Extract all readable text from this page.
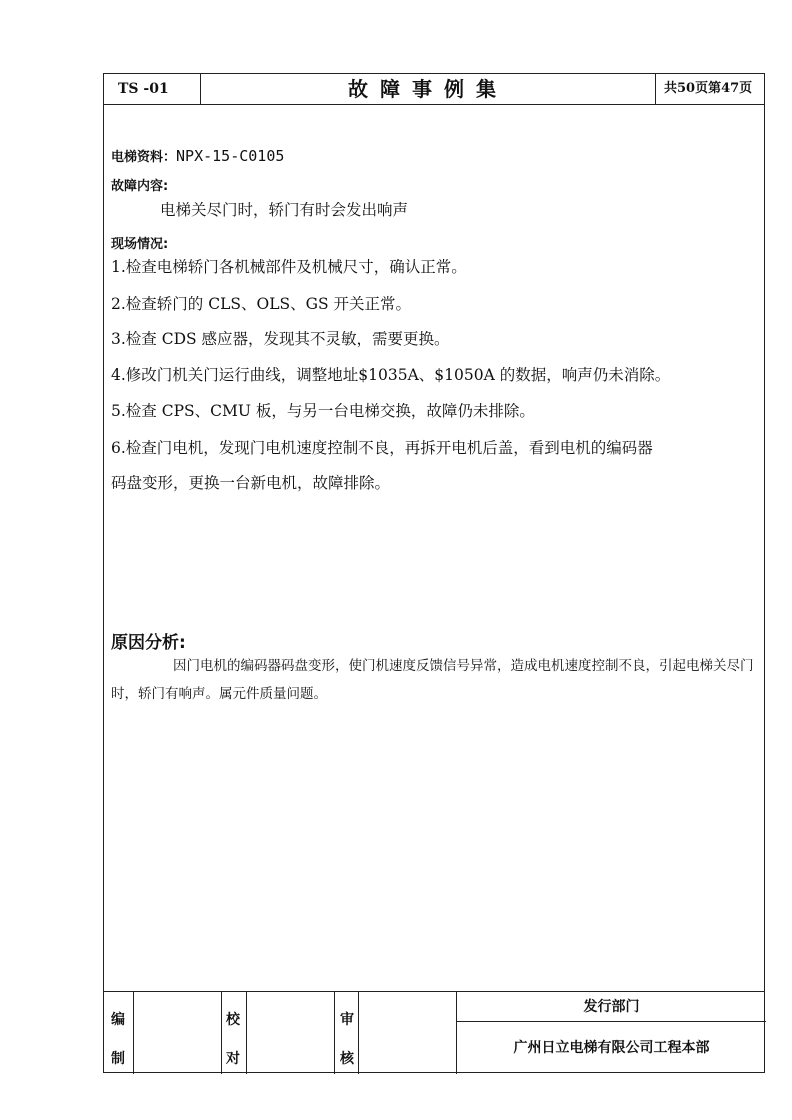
TS -01	故障事例集	共50页第47页
电梯资料：NPX-15-C0105
故障内容:
电梯关尽门时，轿门有时会发出响声
现场情况:
1.检查电梯轿门各机械部件及机械尺寸，确认正常。
2.检查轿门的 CLS、OLS、GS 开关正常。
3.检查 CDS 感应器，发现其不灵敏，需要更换。
4.修改门机关门运行曲线，调整地址$1035A、$1050A 的数据，响声仍未消除。
5.检查 CPS、CMU 板，与另一台电梯交换，故障仍未排除。
6.检查门电机，发现门电机速度控制不良，再拆开电机后盖，看到电机的编码器
码盘变形，更换一台新电机，故障排除。
原因分析:
因门电机的编码器码盘变形，使门机速度反馈信号异常，造成电机速度控制不良，引起电梯关尽门时，轿门有响声。属元件质量问题。
编
制
校
对
审
核
发行部门
广州日立电梯有限公司工程本部
